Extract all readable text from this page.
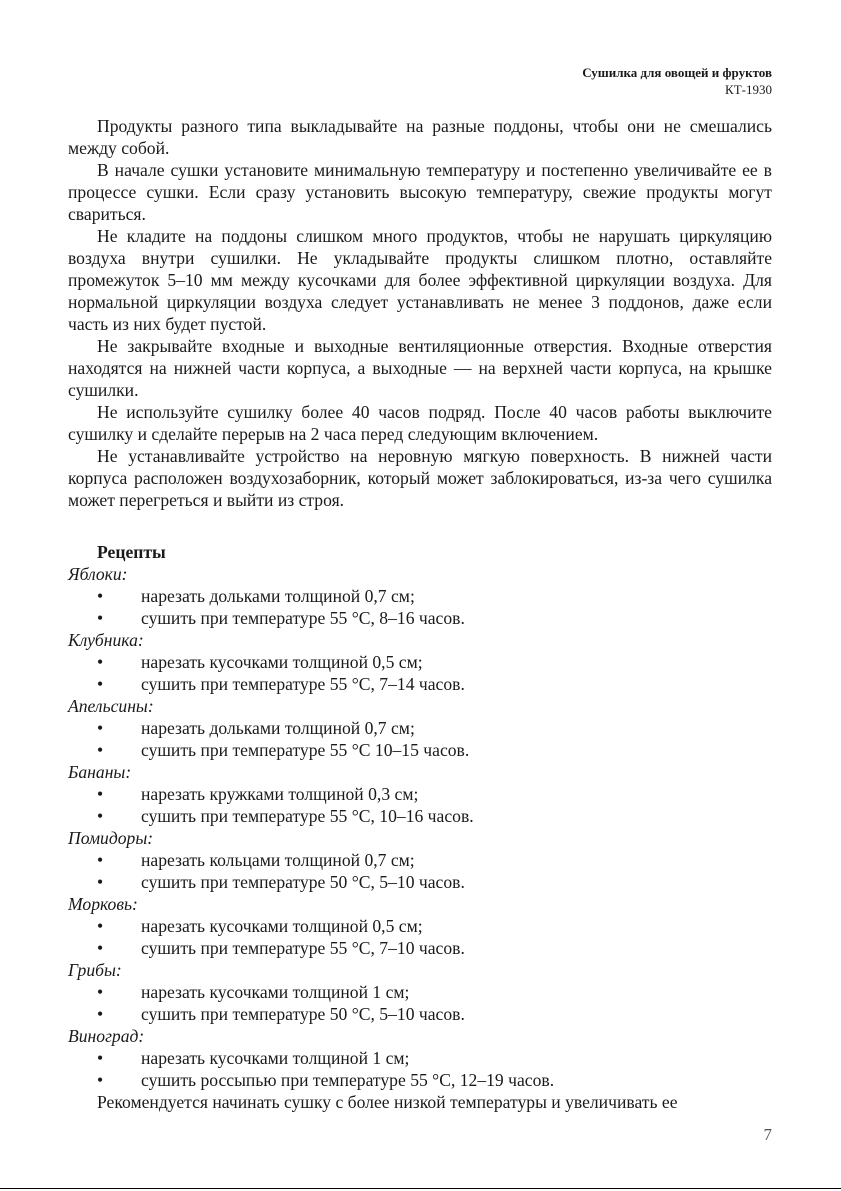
Сушилка для овощей и фруктов
КТ-1930

Продукты разного типа выкладывайте на разные поддоны, чтобы они не смешались между собой.

В начале сушки установите минимальную температуру и постепенно увеличивайте ее в процессе сушки. Если сразу установить высокую температуру, свежие продукты могут свариться.

Не кладите на поддоны слишком много продуктов, чтобы не нарушать циркуляцию воздуха внутри сушилки. Не укладывайте продукты слишком плотно, оставляйте промежуток 5–10 мм между кусочками для более эффективной циркуляции воздуха. Для нормальной циркуляции воздуха следует устанавливать не менее 3 поддонов, даже если часть из них будет пустой.

Не закрывайте входные и выходные вентиляционные отверстия. Входные отверстия находятся на нижней части корпуса, а выходные — на верхней части корпуса, на крышке сушилки.

Не используйте сушилку более 40 часов подряд. После 40 часов работы выключите сушилку и сделайте перерыв на 2 часа перед следующим включением.

Не устанавливайте устройство на неровную мягкую поверхность. В нижней части корпуса расположен воздухозаборник, который может заблокироваться, из-за чего сушилка может перегреться и выйти из строя.

Рецепты

Яблоки:

• нарезать дольками толщиной 0,7 см;
• сушить при температуре 55 °C, 8–16 часов.

Клубника:

• нарезать кусочками толщиной 0,5 см;
• сушить при температуре 55 °C, 7–14 часов.

Апельсины:

• нарезать дольками толщиной 0,7 см;
• сушить при температуре 55 °C 10–15 часов.

Бананы:

• нарезать кружками толщиной 0,3 см;
• сушить при температуре 55 °C, 10–16 часов.

Помидоры:

• нарезать кольцами толщиной 0,7 см;
• сушить при температуре 50 °C, 5–10 часов.

Морковь:

• нарезать кусочками толщиной 0,5 см;
• сушить при температуре 55 °C, 7–10 часов.

Грибы:

• нарезать кусочками толщиной 1 см;
• сушить при температуре 50 °C, 5–10 часов.

Виноград:

• нарезать кусочками толщиной 1 см;
• сушить россыпью при температуре 55 °C, 12–19 часов.

Рекомендуется начинать сушку с более низкой температуры и увеличивать ее

7
